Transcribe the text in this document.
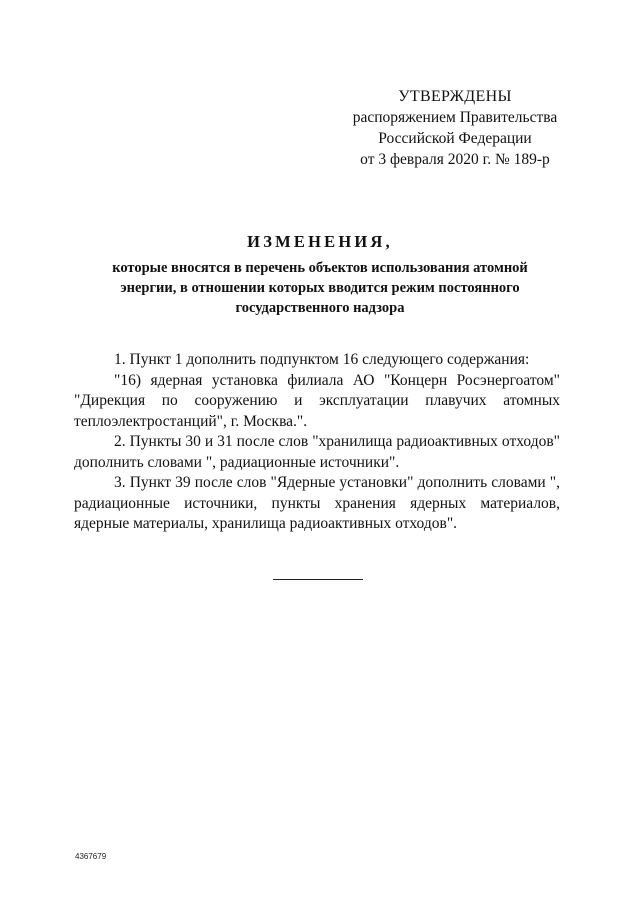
УТВЕРЖДЕНЫ
распоряжением Правительства
Российской Федерации
от 3 февраля 2020 г. № 189-р
ИЗМЕНЕНИЯ,
которые вносятся в перечень объектов использования атомной
энергии, в отношении которых вводится режим постоянного
государственного надзора

1. Пункт 1 дополнить подпунктом 16 следующего содержания:

"16) ядерная установка филиала АО "Концерн Росэнергоатом" "Дирекция по сооружению и эксплуатации плавучих атомных теплоэлектростанций", г. Москва.".

2. Пункты 30 и 31 после слов "хранилища радиоактивных отходов" дополнить словами ", радиационные источники".

3. Пункт 39 после слов "Ядерные установки" дополнить словами ", радиационные источники, пункты хранения ядерных материалов, ядерные материалы, хранилища радиоактивных отходов".

4367679
